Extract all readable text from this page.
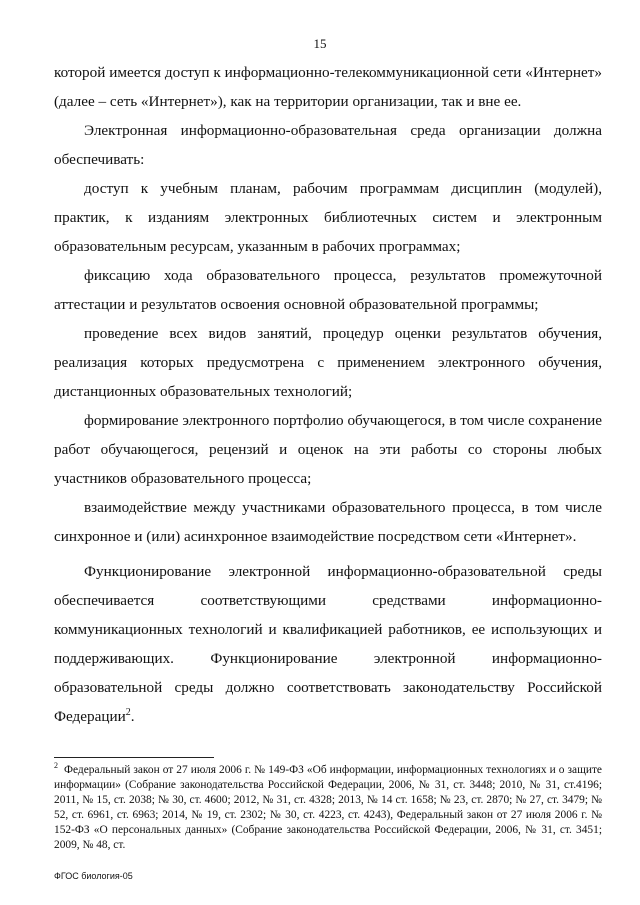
15

которой имеется доступ к информационно-телекоммуникационной сети «Интернет» (далее – сеть «Интернет»), как на территории организации, так и вне ее.

Электронная информационно-образовательная среда организации должна обеспечивать:

доступ к учебным планам, рабочим программам дисциплин (модулей), практик, к изданиям электронных библиотечных систем и электронным образовательным ресурсам, указанным в рабочих программах;

фиксацию хода образовательного процесса, результатов промежуточной аттестации и результатов освоения основной образовательной программы;

проведение всех видов занятий, процедур оценки результатов обучения, реализация которых предусмотрена с применением электронного обучения, дистанционных образовательных технологий;

формирование электронного портфолио обучающегося, в том числе сохранение работ обучающегося, рецензий и оценок на эти работы со стороны любых участников образовательного процесса;

взаимодействие между участниками образовательного процесса, в том числе синхронное и (или) асинхронное взаимодействие посредством сети «Интернет».

Функционирование электронной информационно-образовательной среды обеспечивается соответствующими средствами информационно-коммуникационных технологий и квалификацией работников, ее использующих и поддерживающих. Функционирование электронной информационно-образовательной среды должно соответствовать законодательству Российской Федерации$^2$.

$^2$ Федеральный закон от 27 июля 2006 г. № 149-ФЗ «Об информации, информационных технологиях и о защите информации» (Собрание законодательства Российской Федерации, 2006, № 31, ст. 3448; 2010, № 31, ст.4196; 2011, № 15, ст. 2038; № 30, ст. 4600; 2012, № 31, ст. 4328; 2013, № 14 ст. 1658; № 23, ст. 2870; № 27, ст. 3479; № 52, ст. 6961, ст. 6963; 2014, № 19, ст. 2302; № 30, ст. 4223, ст. 4243), Федеральный закон от 27 июля 2006 г. № 152-ФЗ «О персональных данных» (Собрание законодательства Российской Федерации, 2006, № 31, ст. 3451; 2009, № 48, ст.

ФГОС биология-05
